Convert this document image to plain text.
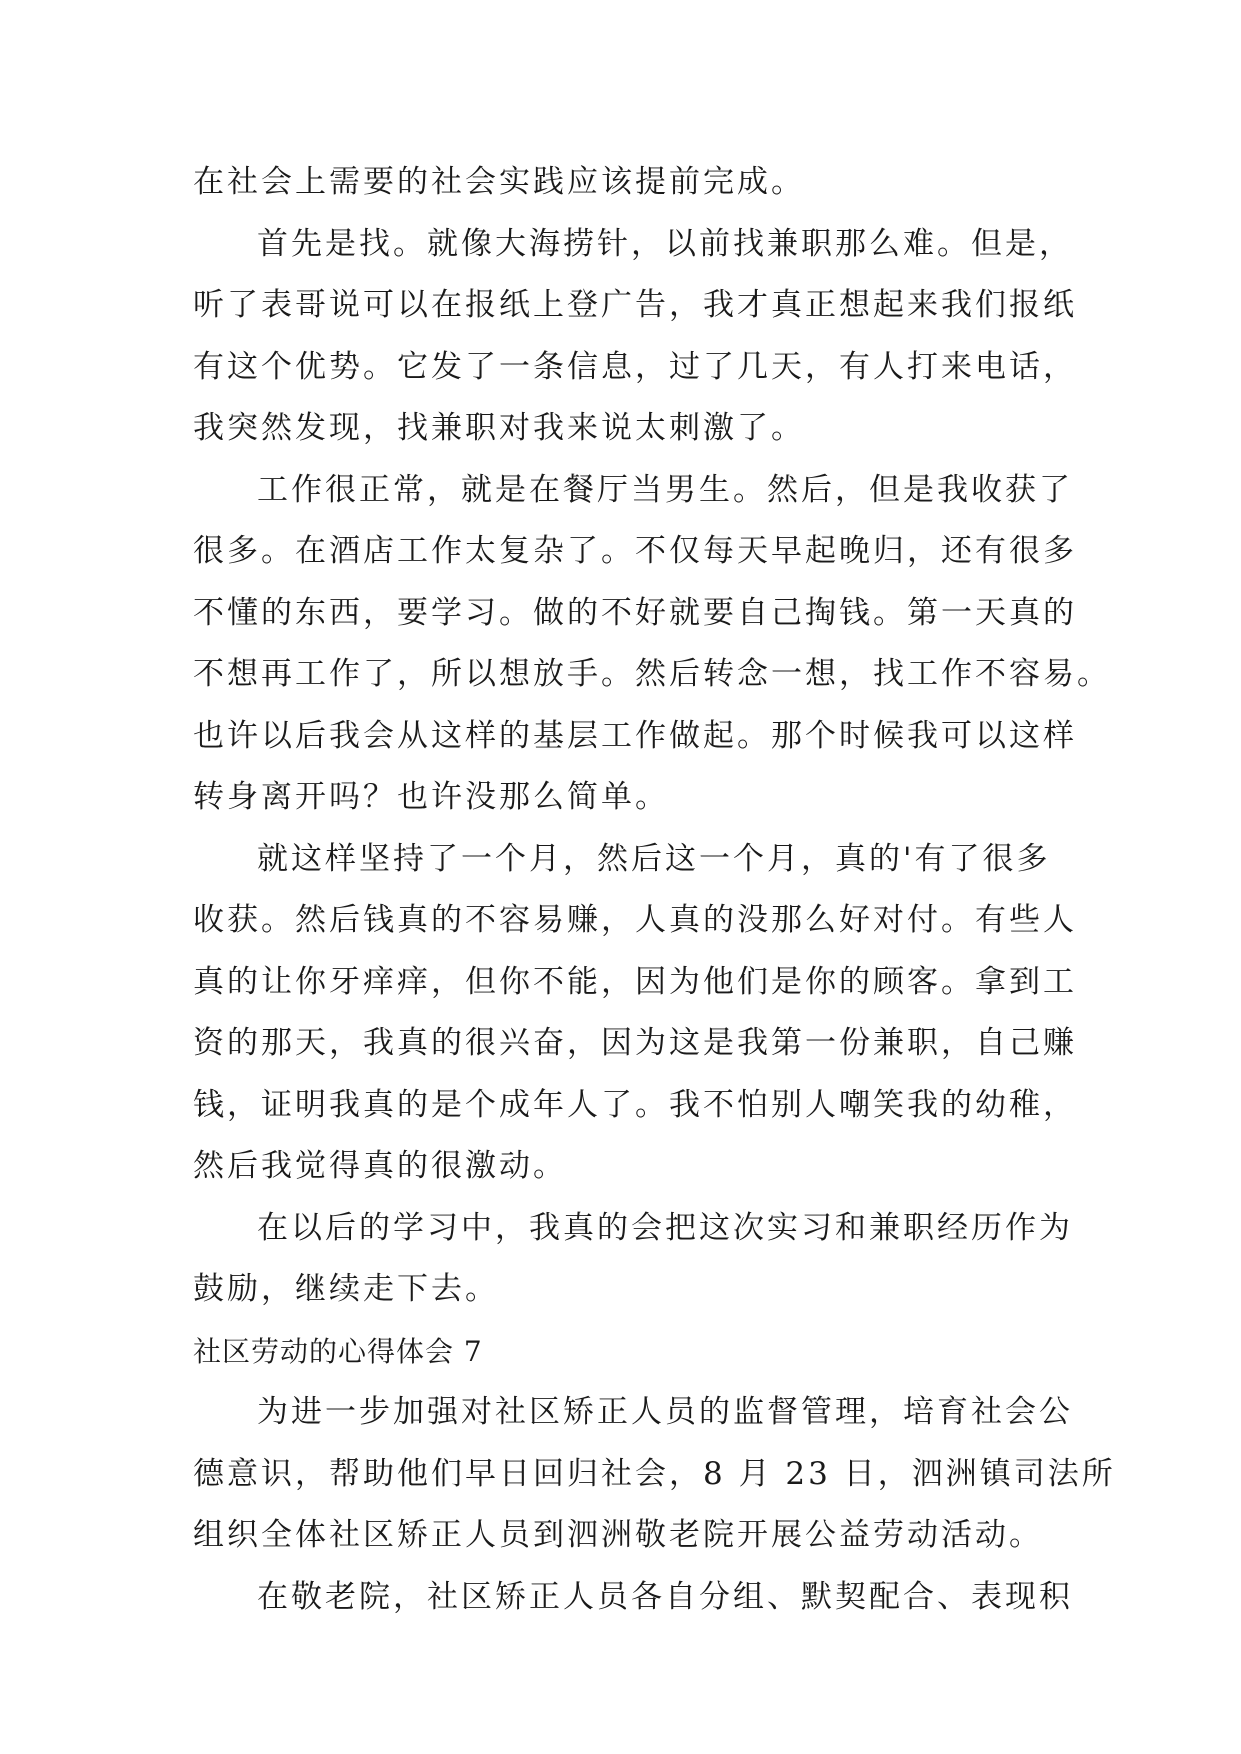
在社会上需要的社会实践应该提前完成。
首先是找。就像大海捞针，以前找兼职那么难。但是，
听了表哥说可以在报纸上登广告，我才真正想起来我们报纸
有这个优势。它发了一条信息，过了几天，有人打来电话，
我突然发现，找兼职对我来说太刺激了。
工作很正常，就是在餐厅当男生。然后，但是我收获了
很多。在酒店工作太复杂了。不仅每天早起晚归，还有很多
不懂的东西，要学习。做的不好就要自己掏钱。第一天真的
不想再工作了，所以想放手。然后转念一想，找工作不容易。
也许以后我会从这样的基层工作做起。那个时候我可以这样
转身离开吗？也许没那么简单。
就这样坚持了一个月，然后这一个月，真的'有了很多
收获。然后钱真的不容易赚，人真的没那么好对付。有些人
真的让你牙痒痒，但你不能，因为他们是你的顾客。拿到工
资的那天，我真的很兴奋，因为这是我第一份兼职，自己赚
钱，证明我真的是个成年人了。我不怕别人嘲笑我的幼稚，
然后我觉得真的很激动。
在以后的学习中，我真的会把这次实习和兼职经历作为
鼓励，继续走下去。
社区劳动的心得体会 7
为进一步加强对社区矫正人员的监督管理，培育社会公
德意识，帮助他们早日回归社会，8 月 23 日，泗洲镇司法所
组织全体社区矫正人员到泗洲敬老院开展公益劳动活动。
在敬老院，社区矫正人员各自分组、默契配合、表现积
